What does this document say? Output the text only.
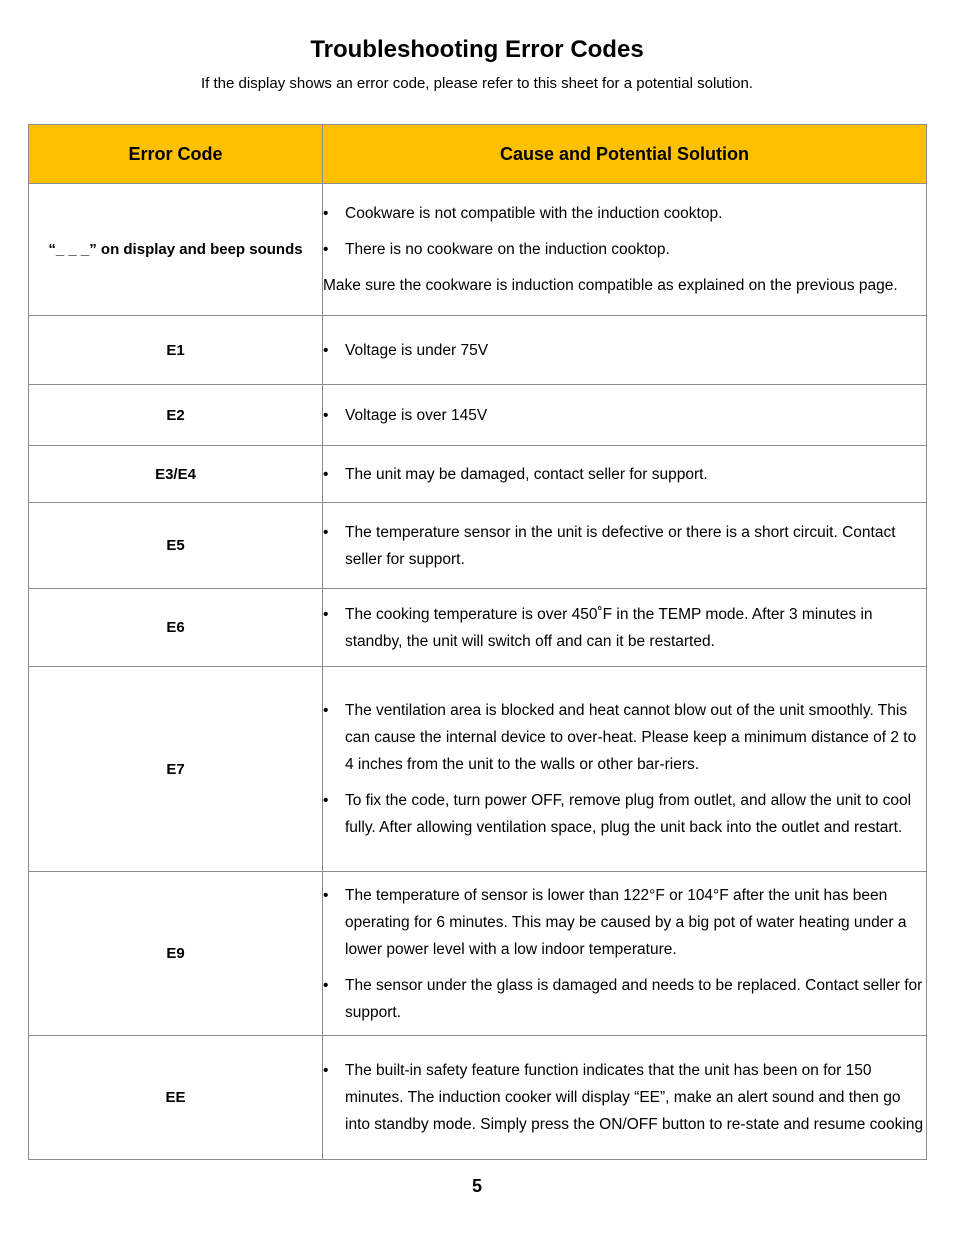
Troubleshooting Error Codes
If the display shows an error code, please refer to this sheet for a potential solution.
Error Code	Cause and Potential Solution
“_ _ _” on display and beep sounds	• Cookware is not compatible with the induction cooktop.
• There is no cookware on the induction cooktop.
Make sure the cookware is induction compatible as explained on the previous page.

E1	• Voltage is under 75V

E2	• Voltage is over 145V

E3/E4	• The unit may be damaged, contact seller for support.

E5	• The temperature sensor in the unit is defective or there is a short circuit. Contact seller for support.

E6	• The cooking temperature is over 450˚F in the TEMP mode. After 3 minutes in standby, the unit will switch off and can it be restarted.

E7	• The ventilation area is blocked and heat cannot blow out of the unit smoothly. This can cause the internal device to over-heat. Please keep a minimum distance of 2 to 4 inches from the unit to the walls or other bar-riers.
• To fix the code, turn power OFF, remove plug from outlet, and allow the unit to cool fully. After allowing ventilation space, plug the unit back into the outlet and restart.

E9	• The temperature of sensor is lower than 122°F or 104°F after the unit has been operating for 6 minutes. This may be caused by a big pot of water heating under a lower power level with a low indoor temperature.
• The sensor under the glass is damaged and needs to be replaced. Contact seller for support.

EE	• The built-in safety feature function indicates that the unit has been on for 150 minutes. The induction cooker will display “EE”, make an alert sound and then go into standby mode. Simply press the ON/OFF button to re-state and resume cooking
5
